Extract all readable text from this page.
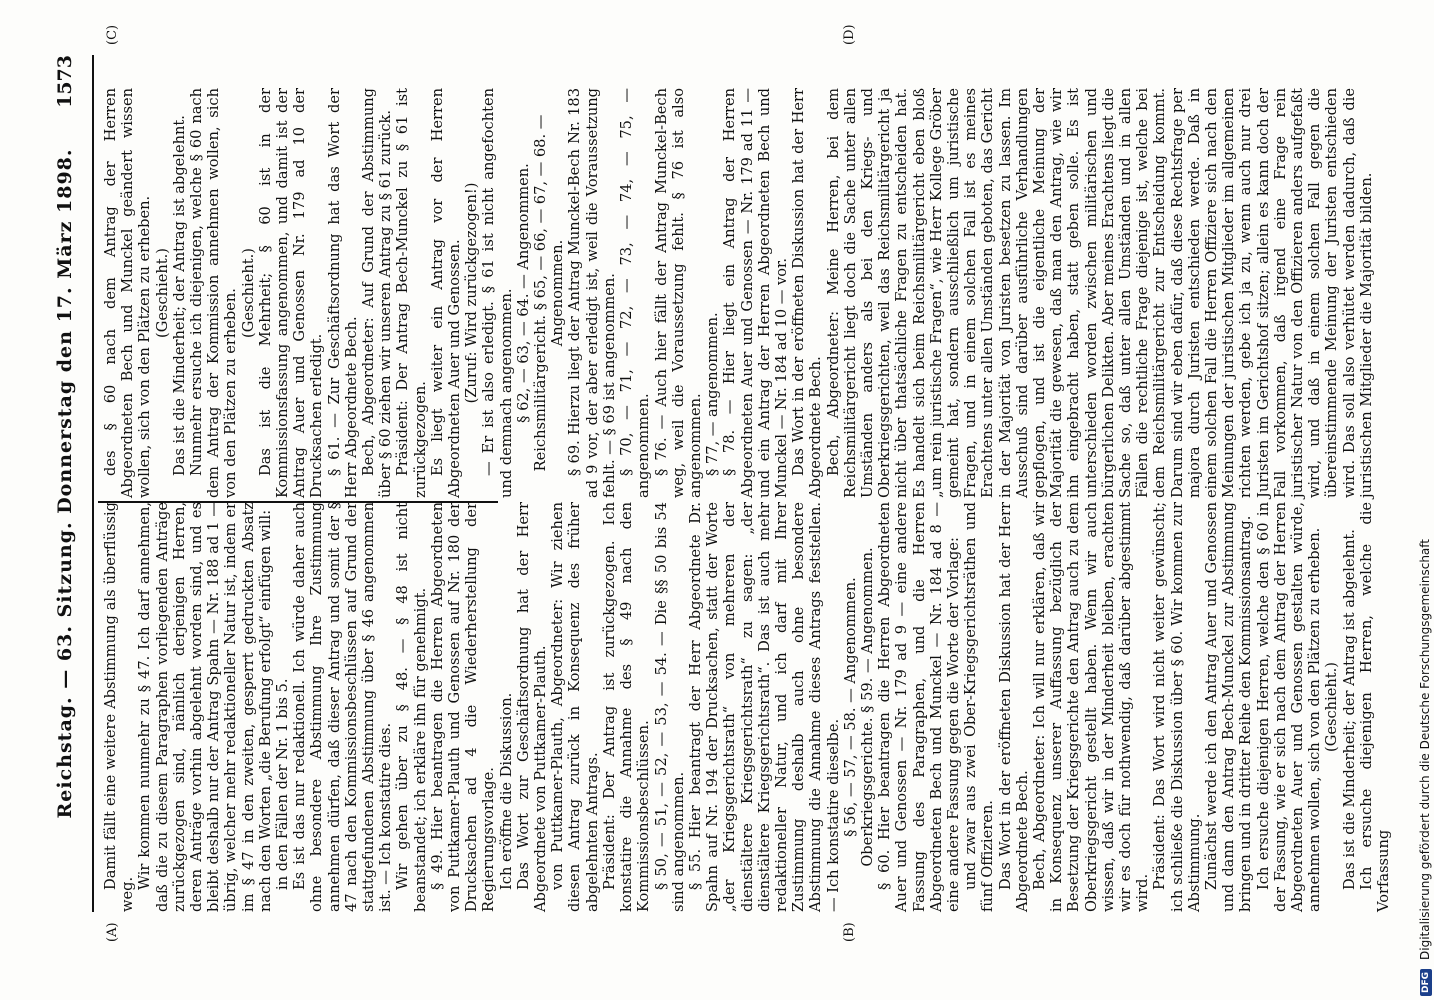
Reichstag. — 63. Sitzung. Donnerstag den 17. März 1898.
1573
(A)	(B)
(C)	(D)

Damit fällt eine weitere Abstimmung als überflüssig weg.

Wir kommen nunmehr zu § 47. Ich darf annehmen, daß die zu diesem Paragraphen vorliegenden Anträge zurückgezogen sind, nämlich derjenigen Herren, deren Anträge vorhin abgelehnt worden sind, und es bleibt deshalb nur der Antrag Spahn — Nr. 188 ad 1 — übrig, welcher mehr redaktioneller Natur ist, indem er im § 47 in den zweiten, gesperrt gedruckten Absatz nach den Worten „die Berufung erfolgt“ einfügen will: in den Fällen der Nr. 1 bis 5. Es ist das nur redaktionell. Ich würde daher auch ohne besondere Abstimmung Ihre Zustimmung annehmen dürfen, daß dieser Antrag und somit der § 47 nach den Kommissionsbeschlüssen auf Grund der stattgefundenen Abstimmung über § 46 angenommen ist. — Ich konstatire dies. Wir gehen über zu § 48. — § 48 ist nicht beanstandet; ich erkläre ihn für genehmigt. § 49. Hier beantragen die Herren Abgeordneten von Puttkamer-Plauth und Genossen auf Nr. 180 der Drucksachen ad 4 die Wiederherstellung der Regierungsvorlage. Ich eröffne die Diskussion. Das Wort zur Geschäftsordnung hat der Herr Abgeordnete von Puttkamer-Plauth. von Puttkamer-Plauth, Abgeordneter: Wir ziehen diesen Antrag zurück in Konsequenz des früher abgelehnten Antrags. Präsident: Der Antrag ist zurückgezogen. Ich konstatire die Annahme des § 49 nach den Kommissionsbeschlüssen. § 50, — 51, — 52, — 53, — 54. — Die §§ 50 bis 54 sind angenommen. § 55. Hier beantragt der Herr Abgeordnete Dr. Spahn auf Nr. 194 der Drucksachen, statt der Worte „der Kriegsgerichtsrath“ von mehreren der dienstältere Kriegsgerichtsrath“ zu sagen: „der dienstältere Kriegsgerichtsrath“. Das ist auch mehr redaktioneller Natur, und ich darf mit Ihrer Zustimmung deshalb auch ohne besondere Abstimmung die Annahme dieses Antrags feststellen. — Ich konstatire dieselbe. § 56, — 57, — 58. — Angenommen. Oberkriegsgerichte. § 59. — Angenommen. § 60. Hier beantragen die Herren Abgeordneten Auer und Genossen — Nr. 179 ad 9 — eine andere Fassung des Paragraphen, und die Herren Abgeordneten Bech und Munckel — Nr. 184 ad 8 — eine andere Fassung gegen die Worte der Vorlage: und zwar aus zwei Ober-Kriegsgerichtsräthen und fünf Offizieren. Das Wort in der eröffneten Diskussion hat der Herr Abgeordnete Bech. Bech, Abgeordneter: Ich will nur erklären, daß wir in Konsequenz unserer Auffassung bezüglich der Besetzung der Kriegsgerichte den Antrag auch zu dem Oberkriegsgericht gestellt haben. Wenn wir auch wissen, daß wir in der Minderheit bleiben, erachten wir es doch für nothwendig, daß darüber abgestimmt wird.

Präsident: Das Wort wird nicht weiter gewünscht; ich schließe die Diskussion über § 60. Wir kommen zur Abstimmung. Zunächst werde ich den Antrag Auer und Genossen und dann den Antrag Bech-Munckel zur Abstimmung bringen und in dritter Reihe den Kommissionsantrag. Ich ersuche diejenigen Herren, welche den § 60 in der Fassung, wie er sich nach dem Antrag der Herren Abgeordneten Auer und Genossen gestalten würde, annehmen wollen, sich von den Plätzen zu erheben. (Geschieht.) Das ist die Minderheit; der Antrag ist abgelehnt. Ich ersuche diejenigen Herren, welche die Vorfassung

des § 60 nach dem Antrag der Herren Abgeordneten Bech und Munckel geändert wissen wollen, sich von den Plätzen zu erheben. (Geschieht.) Das ist die Minderheit; der Antrag ist abgelehnt. Nunmehr ersuche ich diejenigen, welche § 60 nach dem Antrag der Kommission annehmen wollen, sich von den Plätzen zu erheben. (Geschieht.) Das ist die Mehrheit; § 60 ist in der Kommissionsfassung angenommen, und damit ist der Antrag Auer und Genossen Nr. 179 ad 10 der Drucksachen erledigt. § 61. — Zur Geschäftsordnung hat das Wort der Herr Abgeordnete Bech. Bech, Abgeordneter: Auf Grund der Abstimmung über § 60 ziehen wir unseren Antrag zu § 61 zurück. Präsident: Der Antrag Bech-Munckel zu § 61 ist zurückgezogen. Es liegt weiter ein Antrag vor der Herren Abgeordneten Auer und Genossen. (Zuruf: Wird zurückgezogen!) — Er ist also erledigt. § 61 ist nicht angefochten und demnach angenommen. § 62, — 63, — 64. — Angenommen. Reichsmilitärgericht. § 65, — 66, — 67, — 68. — Angenommen. § 69. Hierzu liegt der Antrag Munckel-Bech Nr. 183 ad 9 vor, der aber erledigt ist, weil die Voraussetzung fehlt. — § 69 ist angenommen. § 70, — 71, — 72, — 73, — 74, — 75, — angenommen. § 76. — Auch hier fällt der Antrag Munckel-Bech weg, weil die Voraussetzung fehlt. § 76 ist also angenommen. § 77, — angenommen. § 78. — Hier liegt ein Antrag der Herren Abgeordneten Auer und Genossen — Nr. 179 ad 11 — und ein Antrag der Herren Abgeordneten Bech und Munckel — Nr. 184 ad 10 — vor. Das Wort in der eröffneten Diskussion hat der Herr Abgeordnete Bech. Bech, Abgeordneter: Meine Herren, bei dem Reichsmilitärgericht liegt doch die Sache unter allen Umständen anders als bei den Kriegs- und Oberkriegsgerichten, weil das Reichsmilitärgericht ja nicht über thatsächliche Fragen zu entscheiden hat. Es handelt sich beim Reichsmilitärgericht eben bloß „um rein juristische Fragen“, wie Herr Kollege Gröber gemeint hat, sondern ausschließlich um juristische Fragen, und in einem solchen Fall ist es meines Erachtens unter allen Umständen geboten, das Gericht in der Majorität von Juristen besetzen zu lassen. Im Ausschuß sind darüber ausführliche Verhandlungen gepflogen, und ist die eigentliche Meinung der Majorität die gewesen, daß man den Antrag, wie wir ihn eingebracht haben, statt geben solle. Es ist unterschieden worden zwischen militärischen und bürgerlichen Delikten. Aber meines Erachtens liegt die Sache so, daß unter allen Umständen und in allen Fällen die rechtliche Frage diejenige ist, welche bei dem Reichsmilitärgericht zur Entscheidung kommt. Darum sind wir eben dafür, daß diese Rechtsfrage per majora durch Juristen entschieden werde. Daß in einem solchen Fall die Herren Offiziere sich nach den Meinungen der juristischen Mitglieder im allgemeinen richten werden, gebe ich ja zu, wenn auch nur drei Juristen im Gerichtshof sitzen; allein es kann doch der Fall vorkommen, daß irgend eine Frage rein juristischer Natur von den Offizieren anders aufgefaßt wird, und daß in einem solchen Fall gegen die übereinstimmende Meinung der Juristen entschieden wird. Das soll also verhütet werden dadurch, daß die juristischen Mitglieder die Majorität bilden.

DFG
Digitalisierung gefördert durch die Deutsche Forschungsgemeinschaft
